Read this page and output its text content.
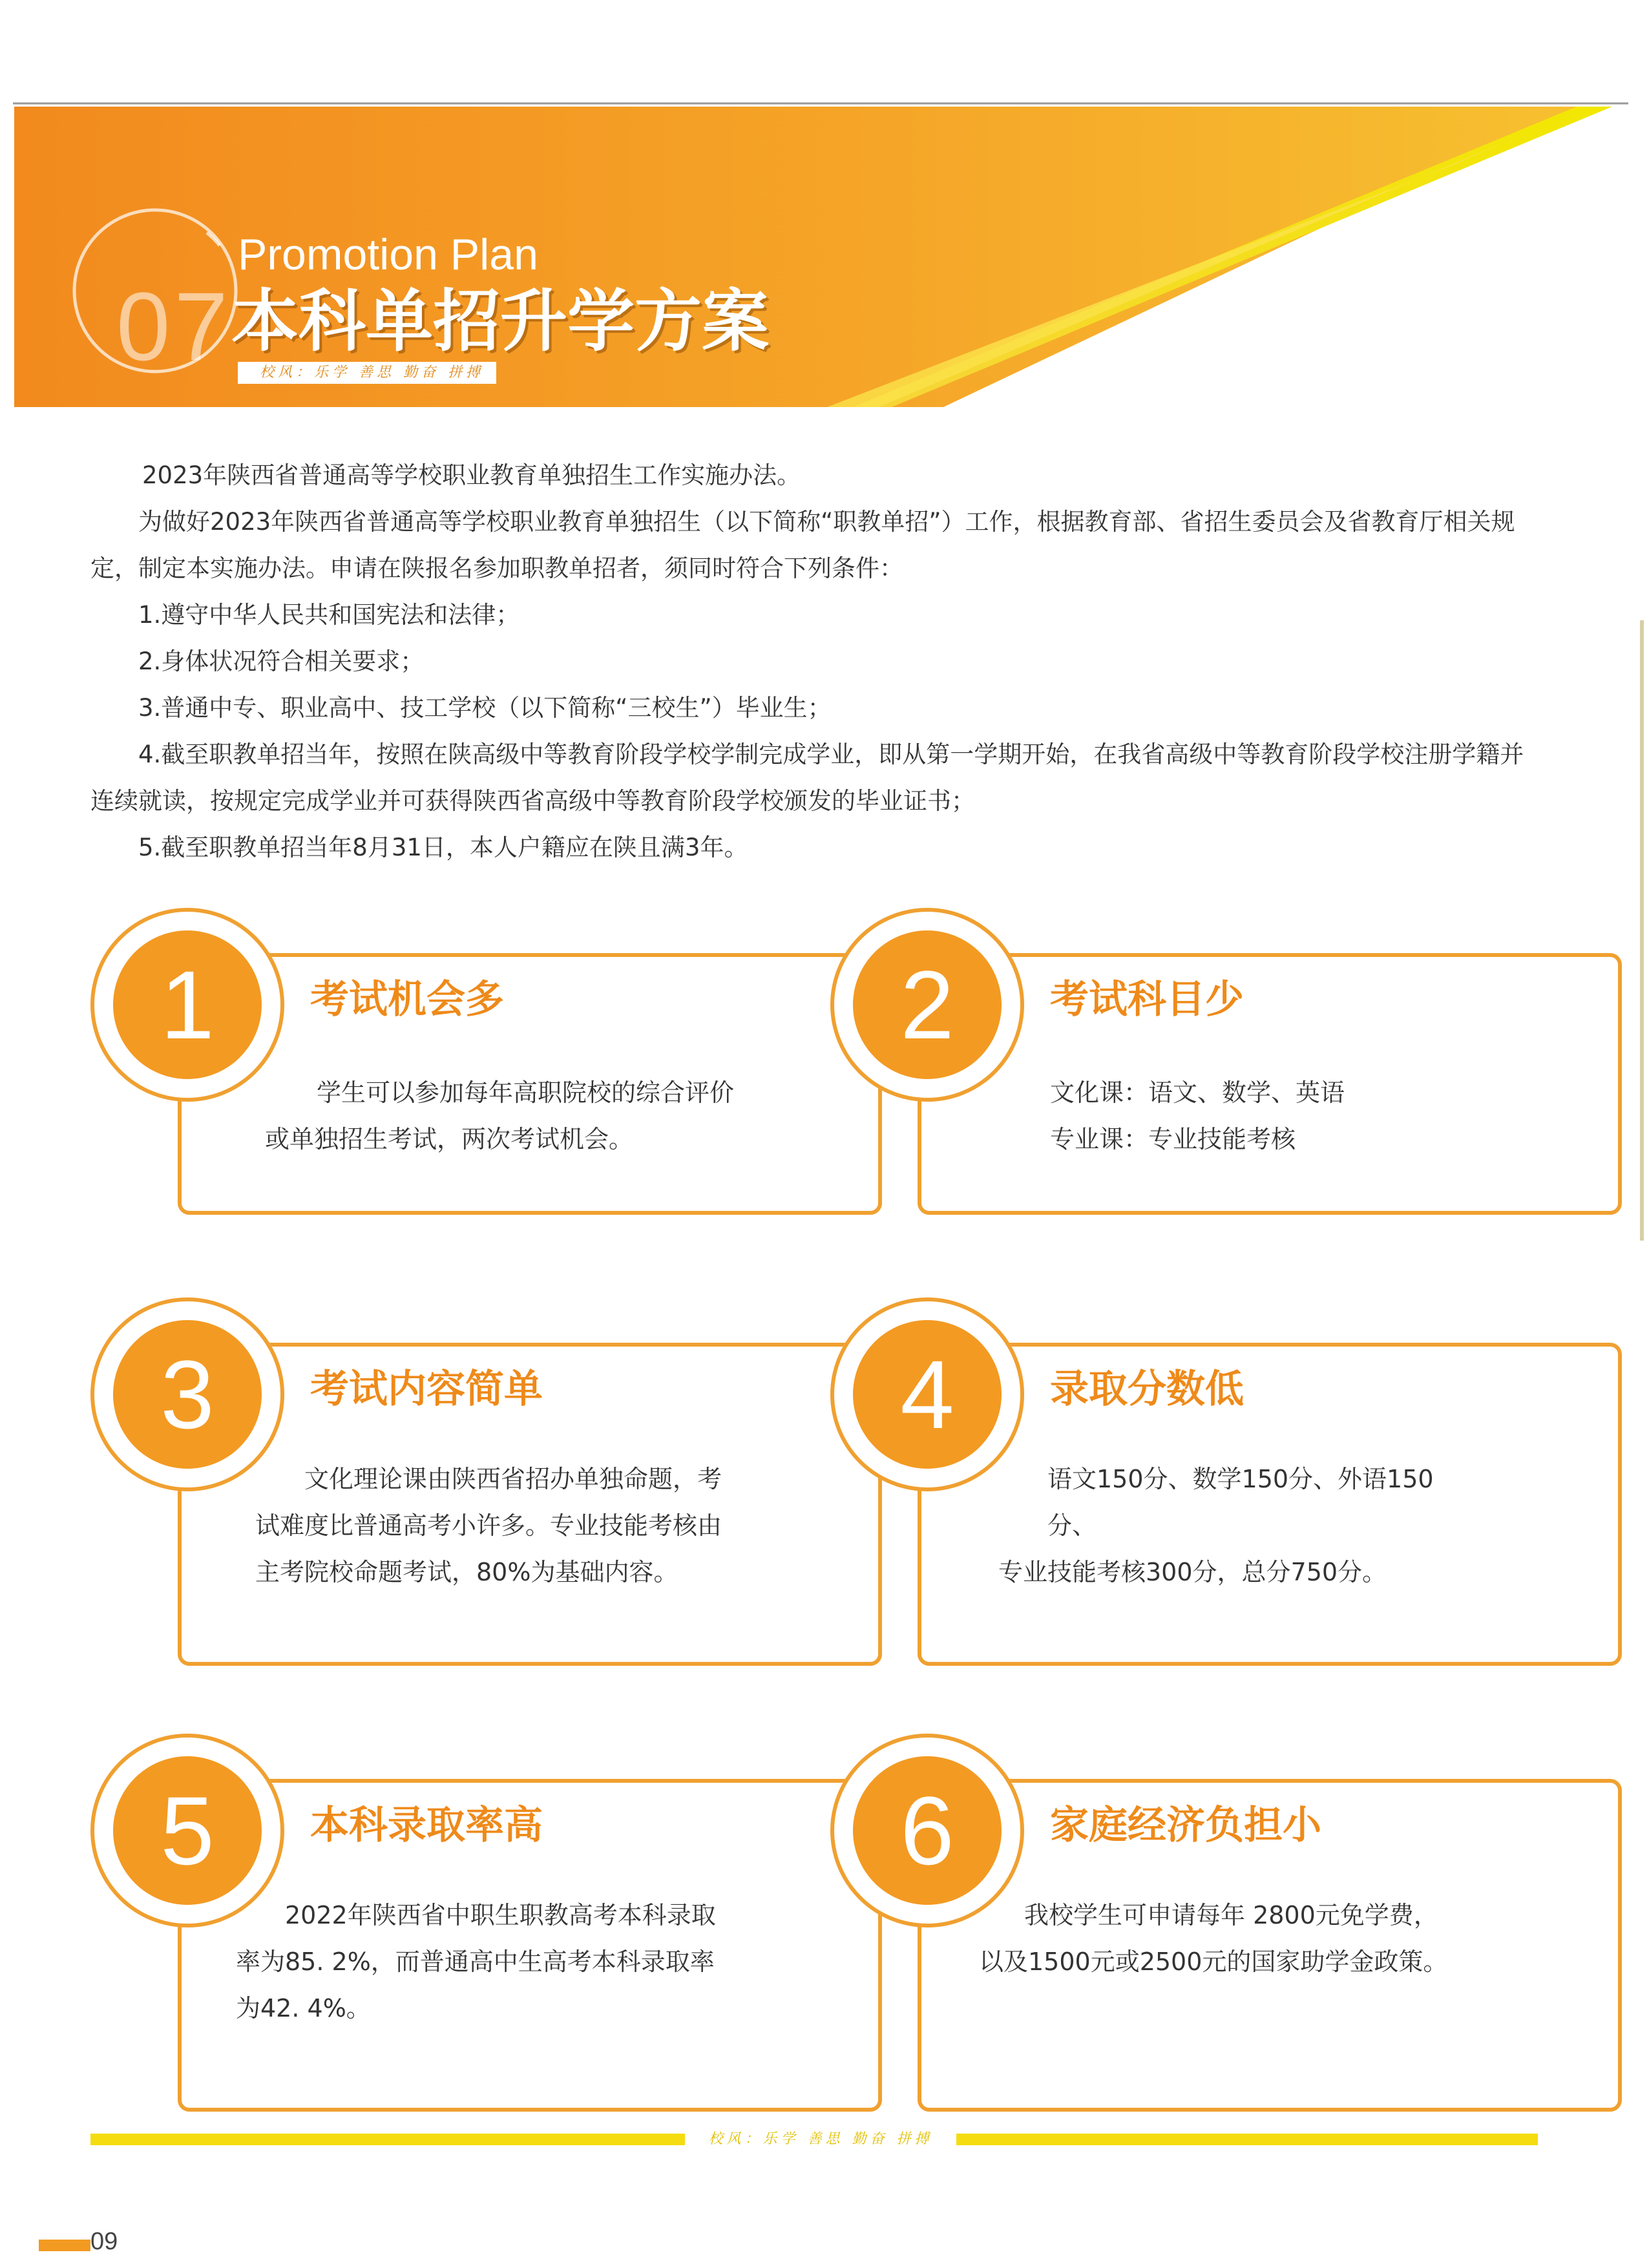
07
Promotion Plan
本科单招升学方案
校风：乐学 善思 勤奋 拼搏

2023年陕西省普通高等学校职业教育单独招生工作实施办法。

为做好2023年陕西省普通高等学校职业教育单独招生（以下简称“职教单招”）工作，根据教育部、省招生委员会及省教育厅相关规定，制定本实施办法。申请在陕报名参加职教单招者，须同时符合下列条件：

1.遵守中华人民共和国宪法和法律；

2.身体状况符合相关要求；

3.普通中专、职业高中、技工学校（以下简称“三校生”）毕业生；

4.截至职教单招当年，按照在陕高级中等教育阶段学校学制完成学业，即从第一学期开始，在我省高级中等教育阶段学校注册学籍并连续就读，按规定完成学业并可获得陕西省高级中等教育阶段学校颁发的毕业证书；

5.截至职教单招当年8月31日，本人户籍应在陕且满3年。

1	考试机会多
学生可以参加每年高职院校的综合评价
或单独招生考试，两次考试机会。
2	考试科目少
文化课：语文、数学、英语
专业课：专业技能考核
3	考试内容简单
文化理论课由陕西省招办单独命题，考
试难度比普通高考小许多。专业技能考核由
主考院校命题考试，80%为基础内容。
4	录取分数低
语文150分、数学150分、外语150分、
专业技能考核300分，总分750分。
5	本科录取率高
2022年陕西省中职生职教高考本科录取
率为85. 2%，而普通高中生高考本科录取率
为42. 4%。
6	家庭经济负担小
我校学生可申请每年 2800元免学费，
以及1500元或2500元的国家助学金政策。
校风：乐学 善思 勤奋 拼搏
09
